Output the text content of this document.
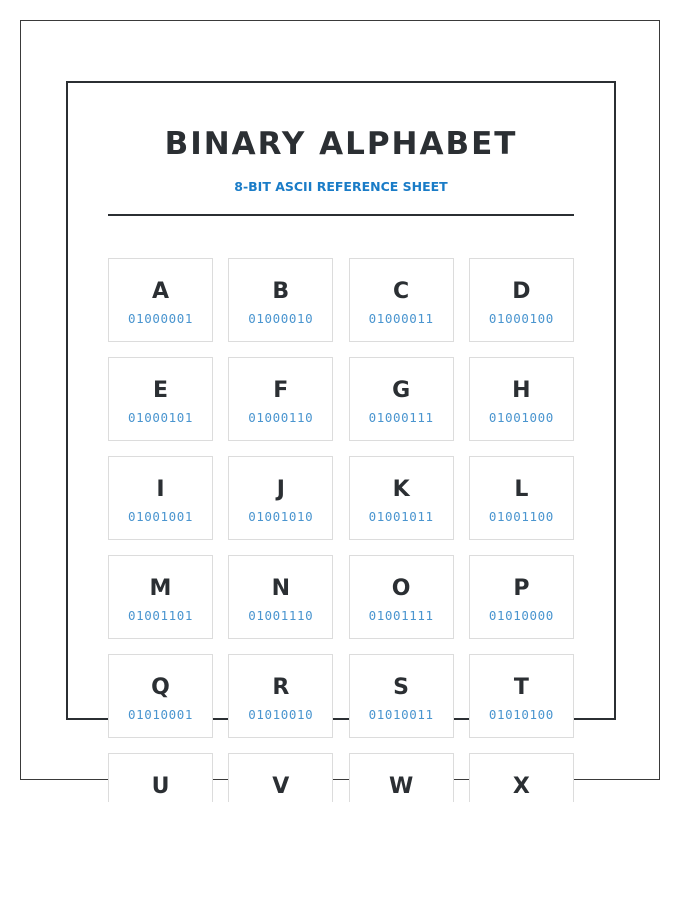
BINARY ALPHABET
8-BIT ASCII REFERENCE SHEET
A
01000001
B
01000010
C
01000011
D
01000100
E
01000101
F
01000110
G
01000111
H
01001000
I
01001001
J
01001010
K
01001011
L
01001100
M
01001101
N
01001110
O
01001111
P
01010000
Q
01010001
R
01010010
S
01010011
T
01010100
U	V	W	X
